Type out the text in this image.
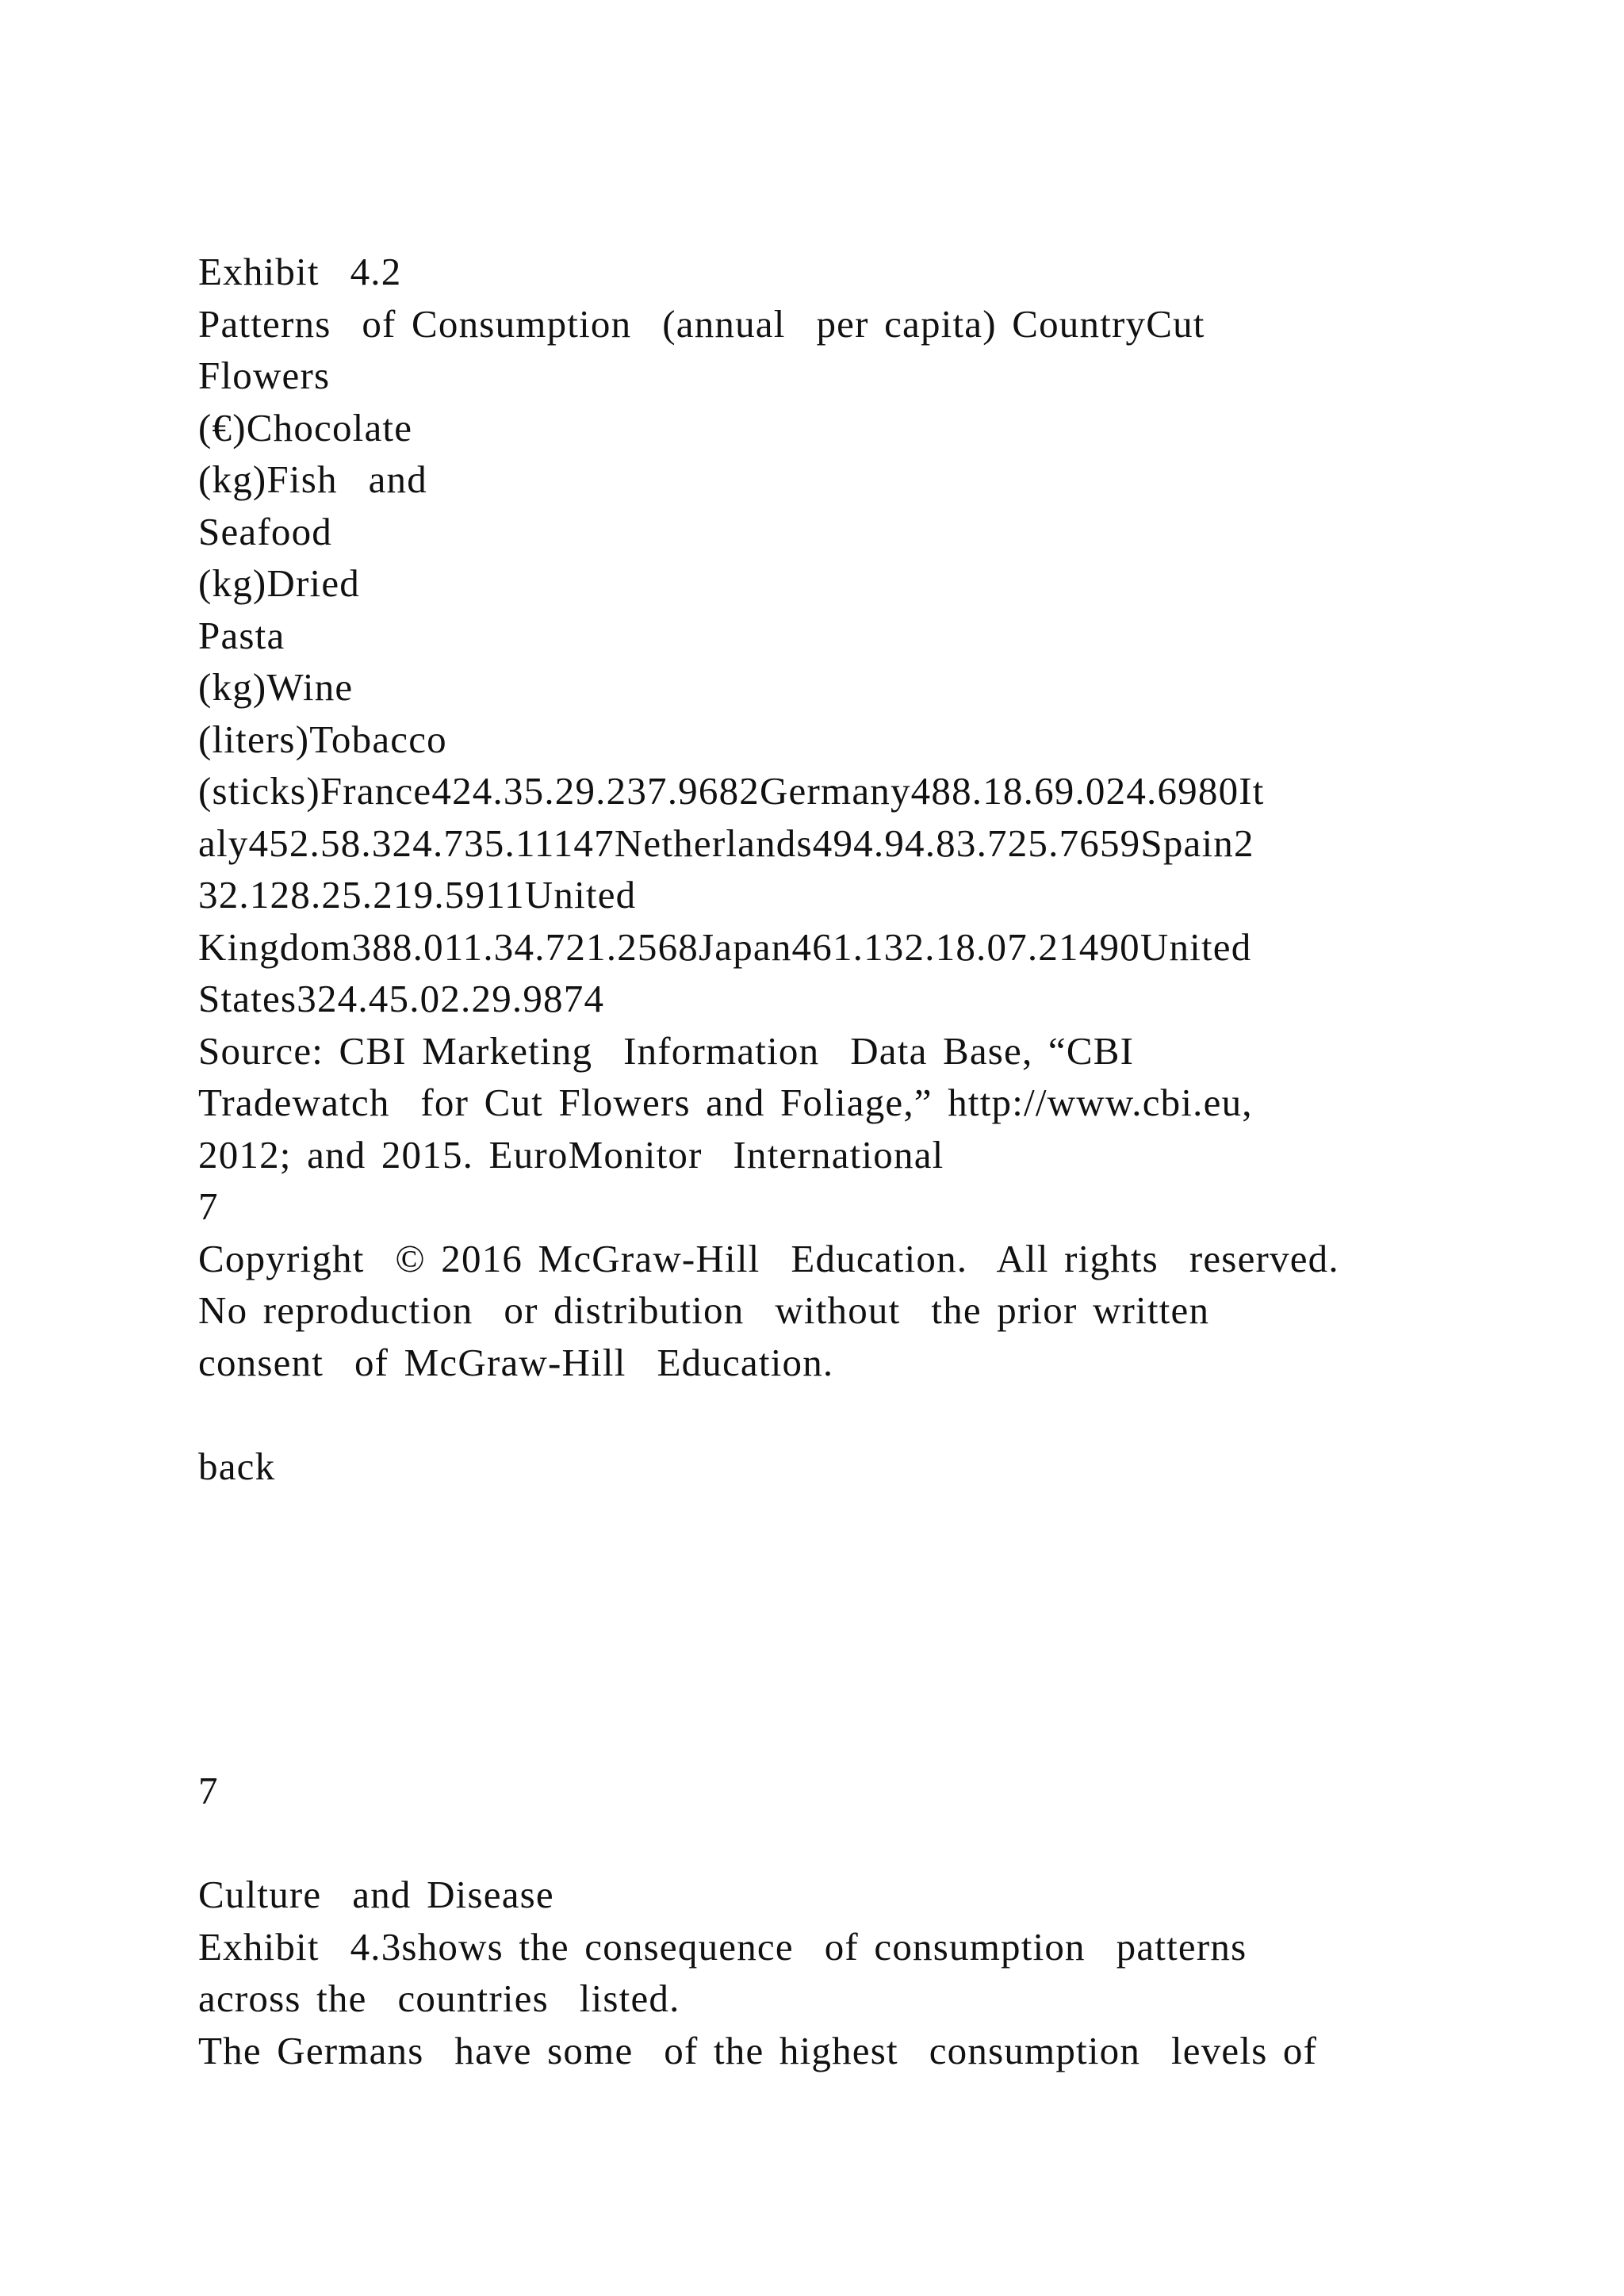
Exhibit  4.2
Patterns  of Consumption  (annual  per capita) CountryCut
Flowers
(€)Chocolate
(kg)Fish  and
Seafood
(kg)Dried
Pasta
(kg)Wine
(liters)Tobacco
(sticks)France424.35.29.237.9682Germany488.18.69.024.6980It
aly452.58.324.735.11147Netherlands494.94.83.725.7659Spain2
32.128.25.219.5911United
Kingdom388.011.34.721.2568Japan461.132.18.07.21490United
States324.45.02.29.9874
Source: CBI Marketing  Information  Data Base, “CBI
Tradewatch  for Cut Flowers and Foliage,” http://www.cbi.eu,
2012; and 2015. EuroMonitor  International
7
Copyright  © 2016 McGraw-Hill  Education.  All rights  reserved.
No reproduction  or distribution  without  the prior written
consent  of McGraw-Hill  Education.
back
7
Culture  and Disease
Exhibit  4.3shows the consequence  of consumption  patterns
across the  countries  listed.
The Germans  have some  of the highest  consumption  levels of
